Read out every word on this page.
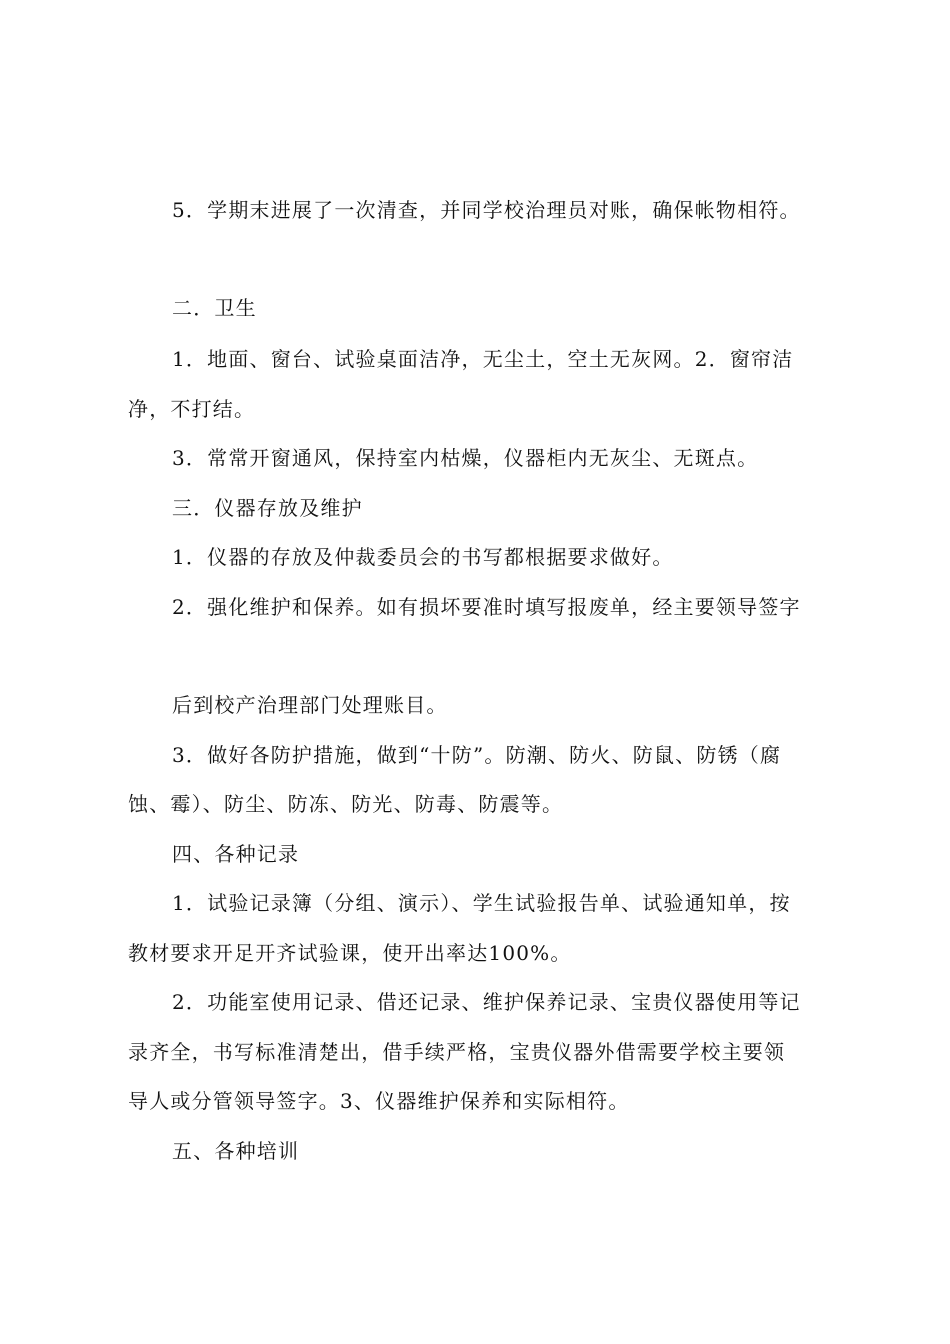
5．学期末进展了一次清查，并同学校治理员对账，确保帐物相符。
二．卫生
1．地面、窗台、试验桌面洁净，无尘土，空土无灰网。2．窗帘洁
净，不打结。
3．常常开窗通风，保持室内枯燥，仪器柜内无灰尘、无斑点。
三．仪器存放及维护
1．仪器的存放及仲裁委员会的书写都根据要求做好。
2．强化维护和保养。如有损坏要准时填写报废单，经主要领导签字
后到校产治理部门处理账目。
3．做好各防护措施，做到“十防”。防潮、防火、防鼠、防锈（腐
蚀、霉）、防尘、防冻、防光、防毒、防震等。
四、各种记录
1．试验记录簿（分组、演示）、学生试验报告单、试验通知单，按
教材要求开足开齐试验课，使开出率达100%。
2．功能室使用记录、借还记录、维护保养记录、宝贵仪器使用等记
录齐全，书写标准清楚出，借手续严格，宝贵仪器外借需要学校主要领
导人或分管领导签字。3、仪器维护保养和实际相符。
五、各种培训
